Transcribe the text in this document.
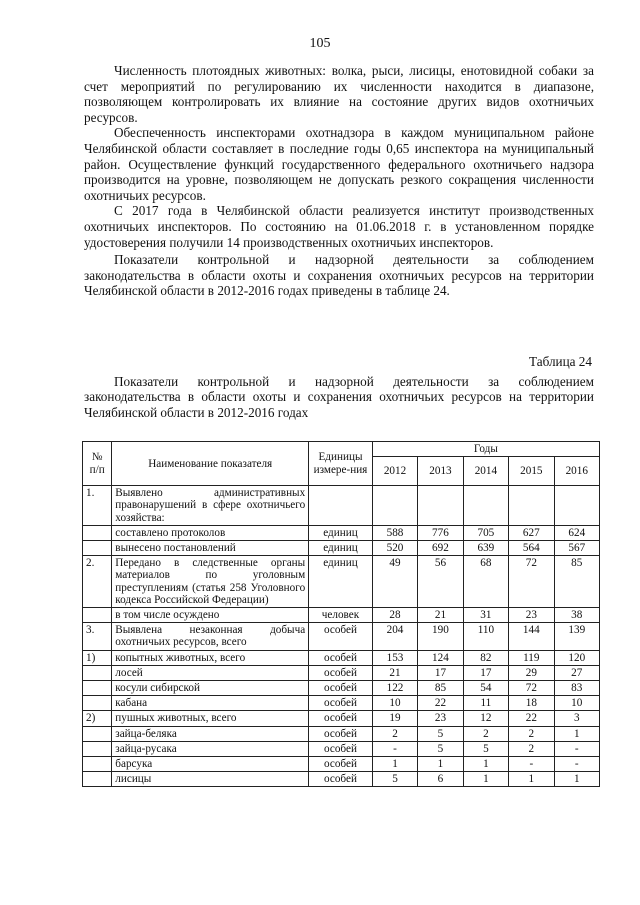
105

Численность плотоядных животных: волка, рыси, лисицы, енотовидной собаки за счет мероприятий по регулированию их численности находится в диапазоне, позволяющем контролировать их влияние на состояние других видов охотничьих ресурсов.

Обеспеченность инспекторами охотнадзора в каждом муниципальном районе Челябинской области составляет в последние годы 0,65 инспектора на муниципальный район. Осуществление функций государственного федерального охотничьего надзора производится на уровне, позволяющем не допускать резкого сокращения численности охотничьих ресурсов.

С 2017 года в Челябинской области реализуется институт производственных охотничьих инспекторов. По состоянию на 01.06.2018 г. в установленном порядке удостоверения получили 14 производственных охотничьих инспекторов.

Показатели контрольной и надзорной деятельности за соблюдением законодательства в области охоты и сохранения охотничьих ресурсов на территории Челябинской области в 2012-2016 годах приведены в таблице 24.

Таблица 24

Показатели контрольной и надзорной деятельности за соблюдением законодательства в области охоты и сохранения охотничьих ресурсов на территории Челябинской области в 2012-2016 годах

№ п/п	Наименование показателя	Единицы измере-ния	Годы				
			2012	2013	2014	2015	2016
1.	Выявлено административных правонарушений в сфере охотничьего хозяйства:						
	составлено протоколов	единиц	588	776	705	627	624
	вынесено постановлений	единиц	520	692	639	564	567
2.	Передано в следственные органы материалов по уголовным преступлениям (статья 258 Уголовного кодекса Российской Федерации)	единиц	49	56	68	72	85
	в том числе осуждено	человек	28	21	31	23	38
3.	Выявлена незаконная добыча охотничьих ресурсов, всего	особей	204	190	110	144	139
1)	копытных животных, всего	особей	153	124	82	119	120
	лосей	особей	21	17	17	29	27
	косули сибирской	особей	122	85	54	72	83
	кабана	особей	10	22	11	18	10
2)	пушных животных, всего	особей	19	23	12	22	3
	зайца-беляка	особей	2	5	2	2	1
	зайца-русака	особей	-	5	5	2	-
	барсука	особей	1	1	1	-	-
	лисицы	особей	5	6	1	1	1
